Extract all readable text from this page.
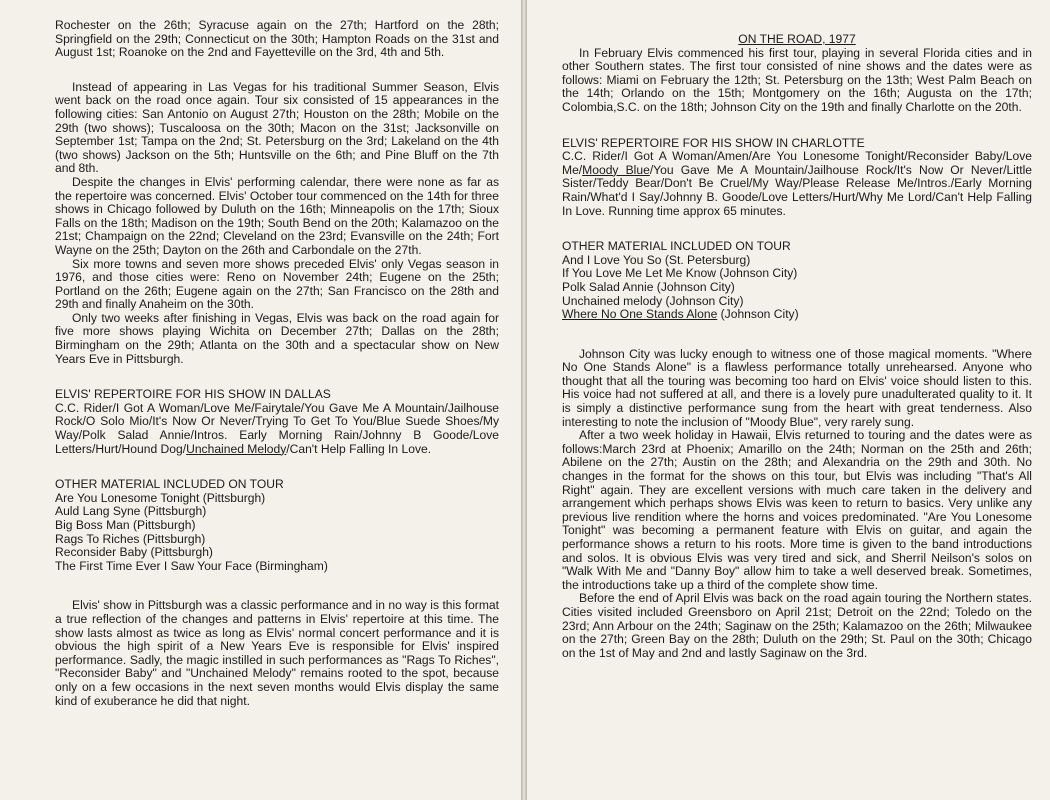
Rochester on the 26th; Syracuse again on the 27th; Hartford on the 28th; Springfield on the 29th; Connecticut on the 30th; Hampton Roads on the 31st and August 1st; Roanoke on the 2nd and Fayetteville on the 3rd, 4th and 5th.

Instead of appearing in Las Vegas for his traditional Summer Season, Elvis went back on the road once again. Tour six consisted of 15 appearances in the following cities: San Antonio on August 27th; Houston on the 28th; Mobile on the 29th (two shows); Tuscaloosa on the 30th; Macon on the 31st; Jacksonville on September 1st; Tampa on the 2nd; St. Petersburg on the 3rd; Lakeland on the 4th (two shows) Jackson on the 5th; Huntsville on the 6th; and Pine Bluff on the 7th and 8th.

Despite the changes in Elvis' performing calendar, there were none as far as the repertoire was concerned. Elvis' October tour commenced on the 14th for three shows in Chicago followed by Duluth on the 16th; Minneapolis on the 17th; Sioux Falls on the 18th; Madison on the 19th; South Bend on the 20th; Kalamazoo on the 21st; Champaign on the 22nd; Cleveland on the 23rd; Evansville on the 24th; Fort Wayne on the 25th; Dayton on the 26th and Carbondale on the 27th.

Six more towns and seven more shows preceded Elvis' only Vegas season in 1976, and those cities were: Reno on November 24th; Eugene on the 25th; Portland on the 26th; Eugene again on the 27th; San Francisco on the 28th and 29th and finally Anaheim on the 30th.

Only two weeks after finishing in Vegas, Elvis was back on the road again for five more shows playing Wichita on December 27th; Dallas on the 28th; Birmingham on the 29th; Atlanta on the 30th and a spectacular show on New Years Eve in Pittsburgh.

ELVIS' REPERTOIRE FOR HIS SHOW IN DALLAS

C.C. Rider/I Got A Woman/Love Me/Fairytale/You Gave Me A Mountain/Jailhouse Rock/O Solo Mio/It's Now Or Never/Trying To Get To You/Blue Suede Shoes/My Way/Polk Salad Annie/Intros. Early Morning Rain/Johnny B Goode/Love Letters/Hurt/Hound Dog/Unchained Melody/Can't Help Falling In Love.

OTHER MATERIAL INCLUDED ON TOUR
Are You Lonesome Tonight (Pittsburgh)
Auld Lang Syne (Pittsburgh)
Big Boss Man (Pittsburgh)
Rags To Riches (Pittsburgh)
Reconsider Baby (Pittsburgh)
The First Time Ever I Saw Your Face (Birmingham)

Elvis' show in Pittsburgh was a classic performance and in no way is this format a true reflection of the changes and patterns in Elvis' repertoire at this time. The show lasts almost as twice as long as Elvis' normal concert performance and it is obvious the high spirit of a New Years Eve is responsible for Elvis' inspired performance. Sadly, the magic instilled in such performances as "Rags To Riches", "Reconsider Baby" and "Unchained Melody" remains rooted to the spot, because only on a few occasions in the next seven months would Elvis display the same kind of exuberance he did that night.

ON THE ROAD, 1977

In February Elvis commenced his first tour, playing in several Florida cities and in other Southern states. The first tour consisted of nine shows and the dates were as follows: Miami on February the 12th; St. Petersburg on the 13th; West Palm Beach on the 14th; Orlando on the 15th; Montgomery on the 16th; Augusta on the 17th; Colombia,S.C. on the 18th; Johnson City on the 19th and finally Charlotte on the 20th.

ELVIS' REPERTOIRE FOR HIS SHOW IN CHARLOTTE

C.C. Rider/I Got A Woman/Amen/Are You Lonesome Tonight/Reconsider Baby/Love Me/Moody Blue/You Gave Me A Mountain/Jailhouse Rock/It's Now Or Never/Little Sister/Teddy Bear/Don't Be Cruel/My Way/Please Release Me/Intros./Early Morning Rain/What'd I Say/Johnny B. Goode/Love Letters/Hurt/Why Me Lord/Can't Help Falling In Love. Running time approx 65 minutes.

OTHER MATERIAL INCLUDED ON TOUR
And I Love You So (St. Petersburg)
If You Love Me Let Me Know (Johnson City)
Polk Salad Annie (Johnson City)
Unchained melody (Johnson City)
Where No One Stands Alone (Johnson City)

Johnson City was lucky enough to witness one of those magical moments. "Where No One Stands Alone" is a flawless performance totally unrehearsed. Anyone who thought that all the touring was becoming too hard on Elvis' voice should listen to this. His voice had not suffered at all, and there is a lovely pure unadulterated quality to it. It is simply a distinctive performance sung from the heart with great tenderness. Also interesting to note the inclusion of "Moody Blue", very rarely sung.

After a two week holiday in Hawaii, Elvis returned to touring and the dates were as follows:March 23rd at Phoenix; Amarillo on the 24th; Norman on the 25th and 26th; Abilene on the 27th; Austin on the 28th; and Alexandria on the 29th and 30th. No changes in the format for the shows on this tour, but Elvis was including "That's All Right" again. They are excellent versions with much care taken in the delivery and arrangement which perhaps shows Elvis was keen to return to basics. Very unlike any previous live rendition where the horns and voices predominated. "Are You Lonesome Tonight" was becoming a permanent feature with Elvis on guitar, and again the performance shows a return to his roots. More time is given to the band introductions and solos. It is obvious Elvis was very tired and sick, and Sherril Neilson's solos on "Walk With Me and "Danny Boy" allow him to take a well deserved break. Sometimes, the introductions take up a third of the complete show time.

Before the end of April Elvis was back on the road again touring the Northern states. Cities visited included Greensboro on April 21st; Detroit on the 22nd; Toledo on the 23rd; Ann Arbour on the 24th; Saginaw on the 25th; Kalamazoo on the 26th; Milwaukee on the 27th; Green Bay on the 28th; Duluth on the 29th; St. Paul on the 30th; Chicago on the 1st of May and 2nd and lastly Saginaw on the 3rd.
